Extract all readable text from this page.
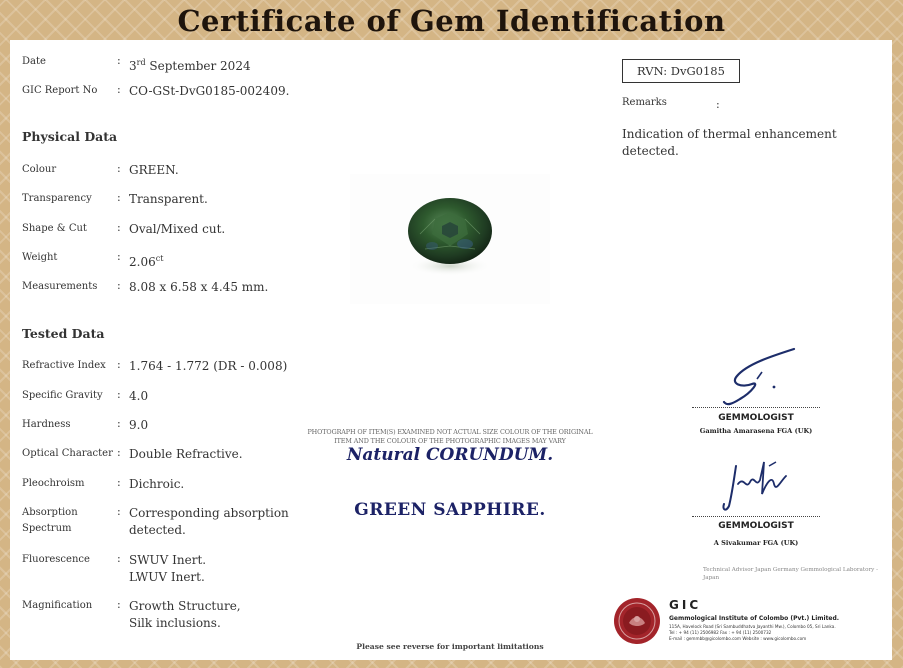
Certificate of Gem Identification
Date	: 3rd September 2024
GIC Report No	: CO-GSt-DvG0185-002409.
Physical Data
Colour	: GREEN.
Transparency	: Transparent.
Shape & Cut	: Oval/Mixed cut.
Weight	: $2.06^{ct}$
Measurements	: 8.08 x 6.58 x 4.45 mm.
Tested Data
Refractive Index	: 1.764 - 1.772 (DR - 0.008)
Specific Gravity	: 4.0
Hardness	: 9.0
Optical Character : Double Refractive.
Pleochroism	: Dichroic.
Absorption Spectrum
: Corresponding absorption detected.
Fluorescence	: SWUV Inert.
LWUV Inert.
Magnification	: Growth Structure,
Silk inclusions.
RVN: DvG0185
Remarks	:
Indication of thermal enhancement detected.
PHOTOGRAPH OF ITEM(S) EXAMINED NOT ACTUAL SIZE COLOUR OF THE ORIGINAL ITEM AND THE COLOUR OF THE PHOTOGRAPHIC IMAGES MAY VARY
Natural CORUNDUM.
GREEN SAPPHIRE.
GEMMOLOGIST
Gamitha Amarasena FGA (UK)
GEMMOLOGIST
A Sivakumar FGA (UK)
Technical Advisor Japan Germany Gemmological Laboratory - Japan
Please see reverse for important limitations
GIC
Gemmological Institute of Colombo (Pvt.) Limited.
115A, Havelock Road (Sri Sambuddhatva Jayanthi Mw.), Colombo 05, Sri Lanka.
Tel : + 94 (11) 2506982 Fax : + 94 (11) 2500732
E-mail : gemmbb@gicolombo.com Website : www.gicolombo.com
